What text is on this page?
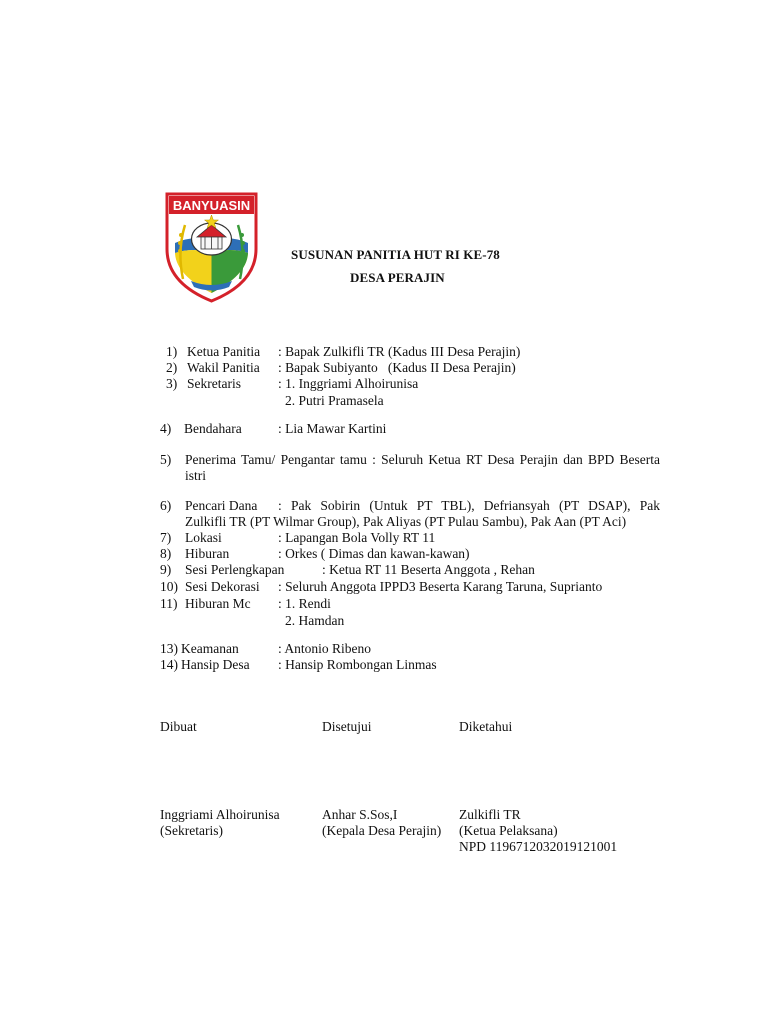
BANYUASIN
SUSUNAN PANITIA HUT RI KE-78
DESA PERAJIN
1) Ketua Panitia : Bapak Zulkifli TR (Kadus III Desa Perajin)
2) Wakil Panitia : Bapak Subiyanto   (Kadus II Desa Perajin)
3) Sekretaris	: 1. Inggriami Alhoirunisa
2. Putri Pramasela
4) Bendahara	: Lia Mawar Kartini
5) Penerima Tamu/ Pengantar tamu : Seluruh Ketua RT Desa Perajin dan BPD Beserta
istri
6) Pencari Dana : Pak Sobirin (Untuk PT TBL), Defriansyah (PT DSAP), Pak
Zulkifli TR (PT Wilmar Group), Pak Aliyas (PT Pulau Sambu), Pak Aan (PT Aci)
7) Lokasi	: Lapangan Bola Volly RT 11
8) Hiburan	: Orkes ( Dimas dan kawan-kawan)
9) Sesi Perlengkapan	: Ketua RT 11 Beserta Anggota , Rehan
10) Sesi Dekorasi : Seluruh Anggota IPPD3 Beserta Karang Taruna, Suprianto
11) Hiburan Mc : 1. Rendi
2. Hamdan
13) Keamanan	: Antonio Ribeno
14) Hansip Desa : Hansip Rombongan Linmas
Dibuat	Disetujui	Diketahui
Inggriami Alhoirunisa	Anhar S.Sos,I	Zulkifli TR
(Sekretaris)	(Kepala Desa Perajin) (Ketua Pelaksana)
NPD 1196712032019121001
